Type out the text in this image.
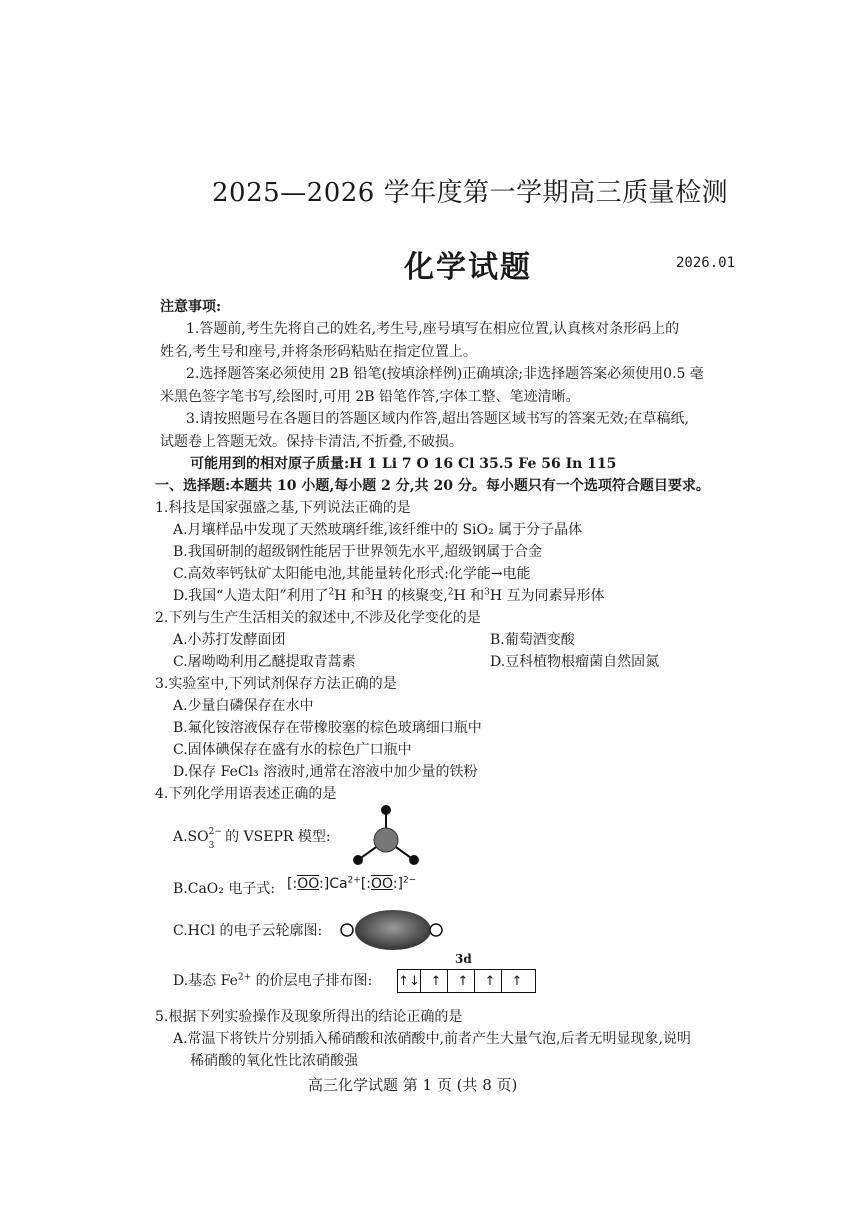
2025—2026 学年度第一学期高三质量检测
化学试题	2026.01
注意事项:
1.答题前,考生先将自己的姓名,考生号,座号填写在相应位置,认真核对条形码上的
姓名,考生号和座号,并将条形码粘贴在指定位置上。
2.选择题答案必须使用 2B 铅笔(按填涂样例)正确填涂;非选择题答案必须使用0.5 毫
米黑色签字笔书写,绘图时,可用 2B 铅笔作答,字体工整、笔迹清晰。
3.请按照题号在各题目的答题区域内作答,超出答题区域书写的答案无效;在草稿纸,
试题卷上答题无效。保持卡清洁,不折叠,不破损。
可能用到的相对原子质量:H 1 Li 7 O 16 Cl 35.5 Fe 56 In 115
一、选择题:本题共 10 小题,每小题 2 分,共 20 分。每小题只有一个选项符合题目要求。
1.科技是国家强盛之基,下列说法正确的是
A.月壤样品中发现了天然玻璃纤维,该纤维中的 SiO₂ 属于分子晶体
B.我国研制的超级钢性能居于世界领先水平,超级钢属于合金
C.高效率钙钛矿太阳能电池,其能量转化形式:化学能→电能
D.我国“人造太阳”利用了$^2$H 和$^3$H 的核聚变,$^2$H 和$^3$H 互为同素异形体
2.下列与生产生活相关的叙述中,不涉及化学变化的是
A.小苏打发酵面团	B.葡萄酒变酸
C.屠呦呦利用乙醚提取青蒿素	D.豆科植物根瘤菌自然固氮
3.实验室中,下列试剂保存方法正确的是
A.少量白磷保存在水中
B.氟化铵溶液保存在带橡胶塞的棕色玻璃细口瓶中
C.固体碘保存在盛有水的棕色广口瓶中
D.保存 FeCl₃ 溶液时,通常在溶液中加少量的铁粉
4.下列化学用语表述正确的是
A.SO 2−
3
的 VSEPR 模型:
B.CaO₂ 电子式: $[:OO:]Ca^{2+}[:OO:]^{2-}$
C.HCl 的电子云轮廓图:
D.基态 $Fe^{2+}$ 的价层电子排布图:
3d
↑↓ ↑	↑	↑	↑
5.根据下列实验操作及现象所得出的结论正确的是
A.常温下将铁片分别插入稀硝酸和浓硝酸中,前者产生大量气泡,后者无明显现象,说明
稀硝酸的氧化性比浓硝酸强
高三化学试题 第 1 页 (共 8 页)
